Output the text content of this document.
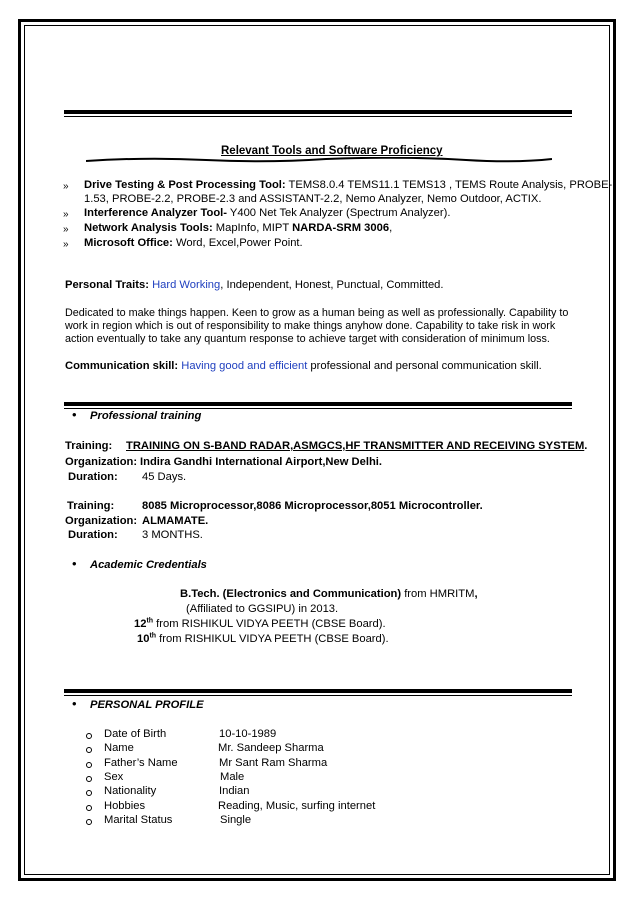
Relevant Tools and Software Proficiency
» Drive Testing & Post Processing Tool: TEMS8.0.4 TEMS11.1 TEMS13 , TEMS Route Analysis, PROBE-
1.53, PROBE-2.2, PROBE-2.3 and ASSISTANT-2.2, Nemo Analyzer, Nemo Outdoor, ACTIX.
» Interference Analyzer Tool- Y400 Net Tek Analyzer (Spectrum Analyzer).
» Network Analysis Tools: MapInfo, MIPT NARDA-SRM 3006,
» Microsoft Office: Word, Excel,Power Point.
Personal Traits: Hard Working, Independent, Honest, Punctual, Committed.
Dedicated to make things happen. Keen to grow as a human being as well as professionally. Capability to
work in region which is out of responsibility to make things anyhow done. Capability to take risk in work
action eventually to take any quantum response to achieve target with consideration of minimum loss.
Communication skill: Having good and efficient professional and personal communication skill.
• Professional training
Training: TRAINING ON S-BAND RADAR,ASMGCS,HF TRANSMITTER AND RECEIVING SYSTEM.
Organization: Indira Gandhi International Airport,New Delhi.
Duration: 45 Days.
Training: 8085 Microprocessor,8086 Microprocessor,8051 Microcontroller.
Organization: ALMAMATE.
Duration: 3 MONTHS.
• Academic Credentials
B.Tech. (Electronics and Communication) from HMRITM,
(Affiliated to GGSIPU) in 2013.
12th from RISHIKUL VIDYA PEETH (CBSE Board).
10th from RISHIKUL VIDYA PEETH (CBSE Board).
• PERSONAL PROFILE
Date of Birth	10-10-1989
Name	Mr. Sandeep Sharma
Father’s Name	Mr Sant Ram Sharma
Sex	Male
Nationality	Indian
Hobbies	Reading, Music, surfing internet
Marital Status	Single
